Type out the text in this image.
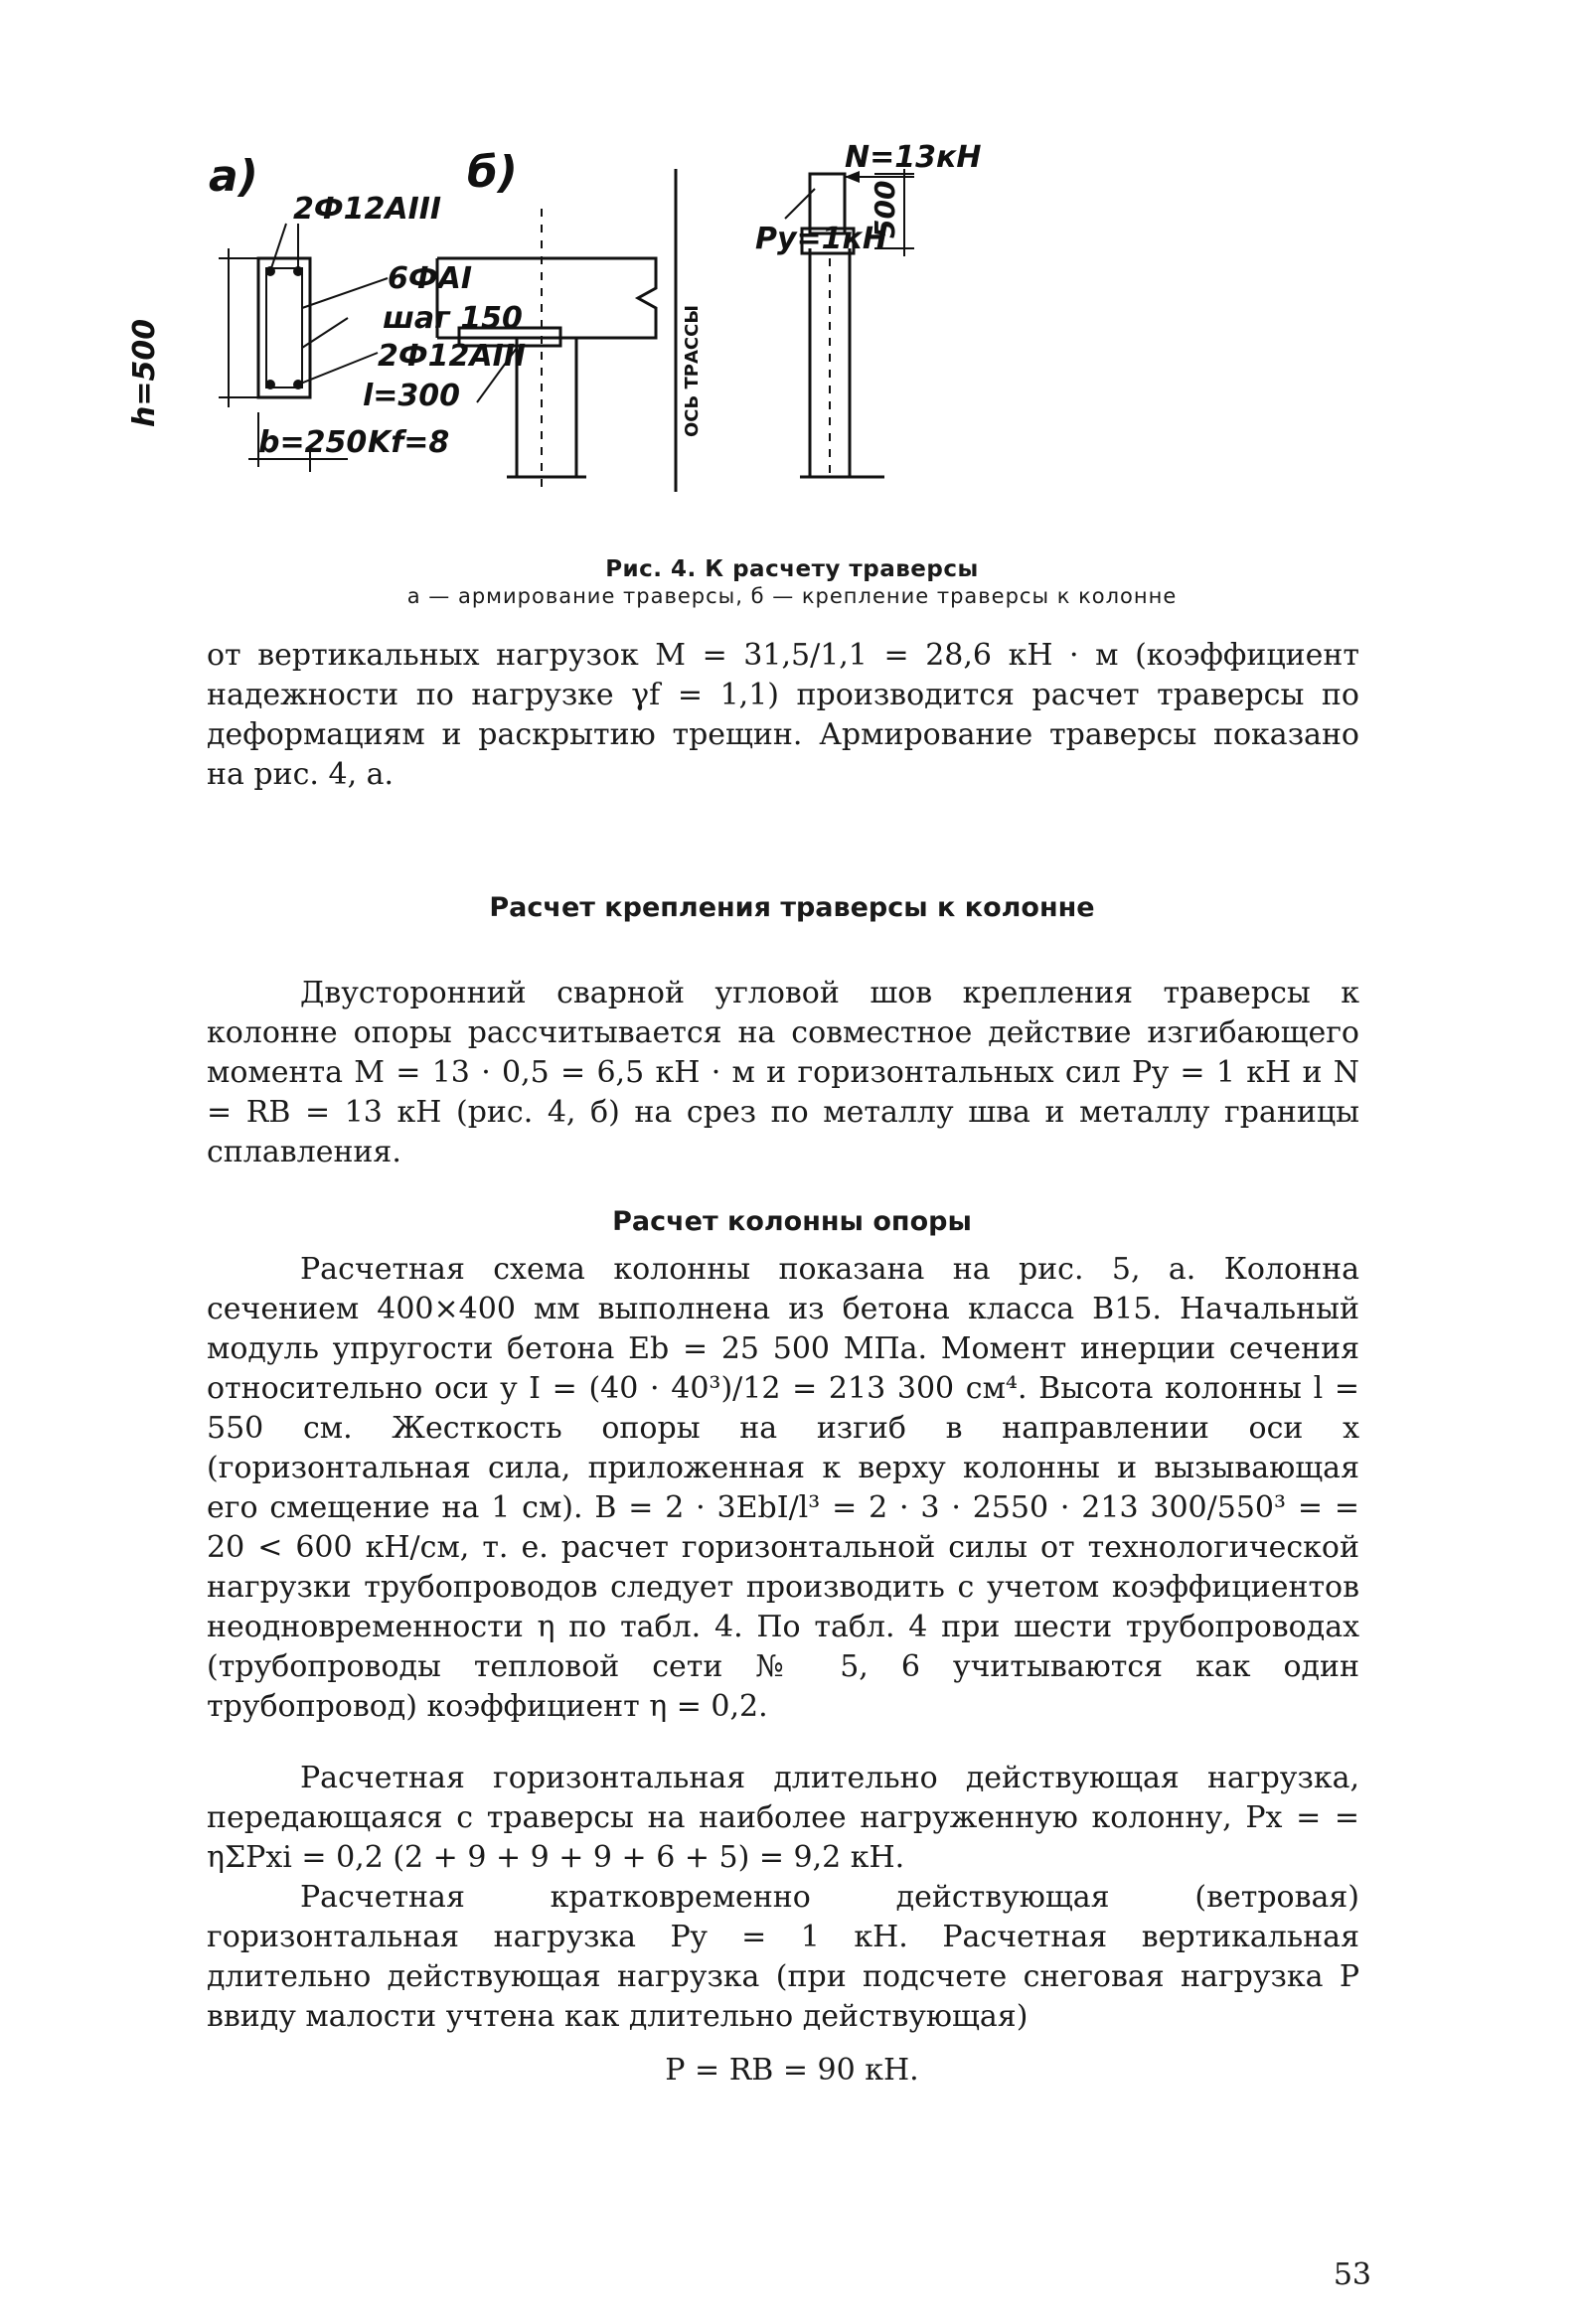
а)
2Ф12АIII
6ФАI
шаг 150
2Ф12АIII
h=500
b=250
б)
l=300
Kf=8
ОСЬ ТРАССЫ
Py=1кН
N=13кН
500
Рис. 4. К расчету траверсы
а — армирование траверсы, б — крепление траверсы к колонне

от вертикальных нагрузок М = 31,5/1,1 = 28,6 кН · м (коэффициент надежности по нагрузке γf = 1,1) производится расчет траверсы по деформациям и раскрытию трещин. Армирование траверсы показано на рис. 4, а.

Расчет крепления траверсы к колонне

Двусторонний сварной угловой шов крепления траверсы к колонне опоры рассчитывается на совместное действие изгибающего момента М = 13 · 0,5 = 6,5 кН · м и горизонтальных сил Py = 1 кН и N = RB = 13 кН (рис. 4, б) на срез по металлу шва и металлу границы сплавления.

Расчет колонны опоры

Расчетная схема колонны показана на рис. 5, а. Колонна сечением 400×400 мм выполнена из бетона класса В15. Начальный модуль упругости бетона Eb = 25 500 МПа. Момент инерции сечения относительно оси y I = (40 · 40³)/12 = 213 300 см⁴. Высота колонны l = 550 см. Жесткость опоры на изгиб в направлении оси x (горизонтальная сила, приложенная к верху колонны и вызывающая его смещение на 1 см). В = 2 · 3EbI/l³ = 2 · 3 · 2550 · 213 300/550³ = = 20 < 600 кН/см, т. е. расчет горизонтальной силы от технологической нагрузки трубопроводов следует производить с учетом коэффициентов неодновременности η по табл. 4. По табл. 4 при шести трубопроводах (трубопроводы тепловой сети № 5, 6 учитываются как один трубопровод) коэффициент η = 0,2.

Расчетная горизонтальная длительно действующая нагрузка, передающаяся с траверсы на наиболее нагруженную колонну, Px = = ηΣPxi = 0,2 (2 + 9 + 9 + 9 + 6 + 5) = 9,2 кН.

Расчетная кратковременно действующая (ветровая) горизонтальная нагрузка Py = 1 кН. Расчетная вертикальная длительно действующая нагрузка (при подсчете снеговая нагрузка Р ввиду малости учтена как длительно действующая)

P = RB = 90 кН.
53
